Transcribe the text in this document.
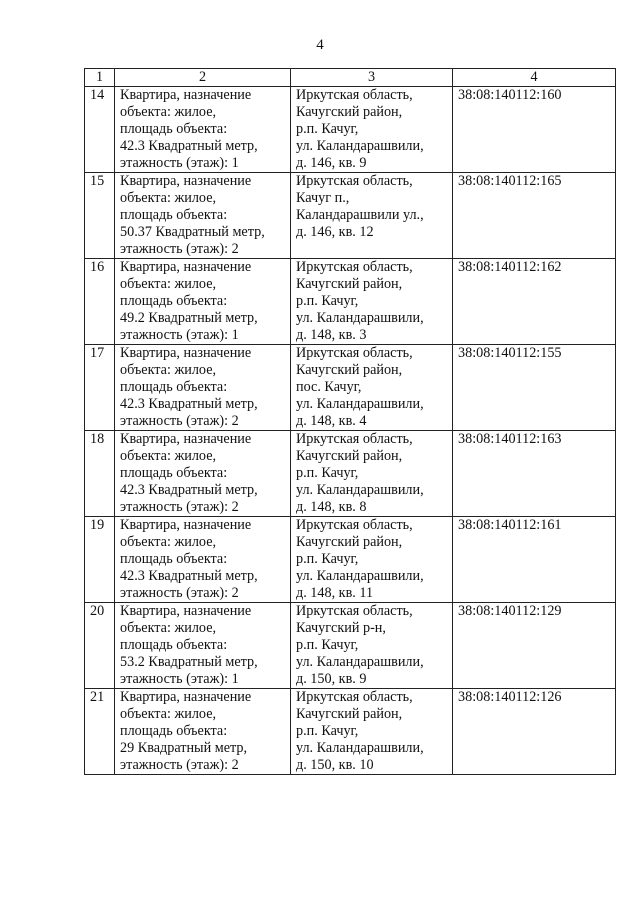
4
1	2	3	4
14	Квартира, назначение
объекта: жилое,
площадь объекта:
42.3 Квадратный метр,
этажность (этаж): 1	Иркутская область,
Качугский район,
р.п. Качуг,
ул. Каландарашвили,
д. 146, кв. 9	38:08:140112:160
15	Квартира, назначение
объекта: жилое,
площадь объекта:
50.37 Квадратный метр,
этажность (этаж): 2	Иркутская область,
Качуг п.,
Каландарашвили ул.,
д. 146, кв. 12	38:08:140112:165
16	Квартира, назначение
объекта: жилое,
площадь объекта:
49.2 Квадратный метр,
этажность (этаж): 1	Иркутская область,
Качугский район,
р.п. Качуг,
ул. Каландарашвили,
д. 148, кв. 3	38:08:140112:162
17	Квартира, назначение
объекта: жилое,
площадь объекта:
42.3 Квадратный метр,
этажность (этаж): 2	Иркутская область,
Качугский район,
пос. Качуг,
ул. Каландарашвили,
д. 148, кв. 4	38:08:140112:155
18	Квартира, назначение
объекта: жилое,
площадь объекта:
42.3 Квадратный метр,
этажность (этаж): 2	Иркутская область,
Качугский район,
р.п. Качуг,
ул. Каландарашвили,
д. 148, кв. 8	38:08:140112:163
19	Квартира, назначение
объекта: жилое,
площадь объекта:
42.3 Квадратный метр,
этажность (этаж): 2	Иркутская область,
Качугский район,
р.п. Качуг,
ул. Каландарашвили,
д. 148, кв. 11	38:08:140112:161
20	Квартира, назначение
объекта: жилое,
площадь объекта:
53.2 Квадратный метр,
этажность (этаж): 1	Иркутская область,
Качугский р-н,
р.п. Качуг,
ул. Каландарашвили,
д. 150, кв. 9	38:08:140112:129
21	Квартира, назначение
объекта: жилое,
площадь объекта:
29 Квадратный метр,
этажность (этаж): 2	Иркутская область,
Качугский район,
р.п. Качуг,
ул. Каландарашвили,
д. 150, кв. 10	38:08:140112:126
